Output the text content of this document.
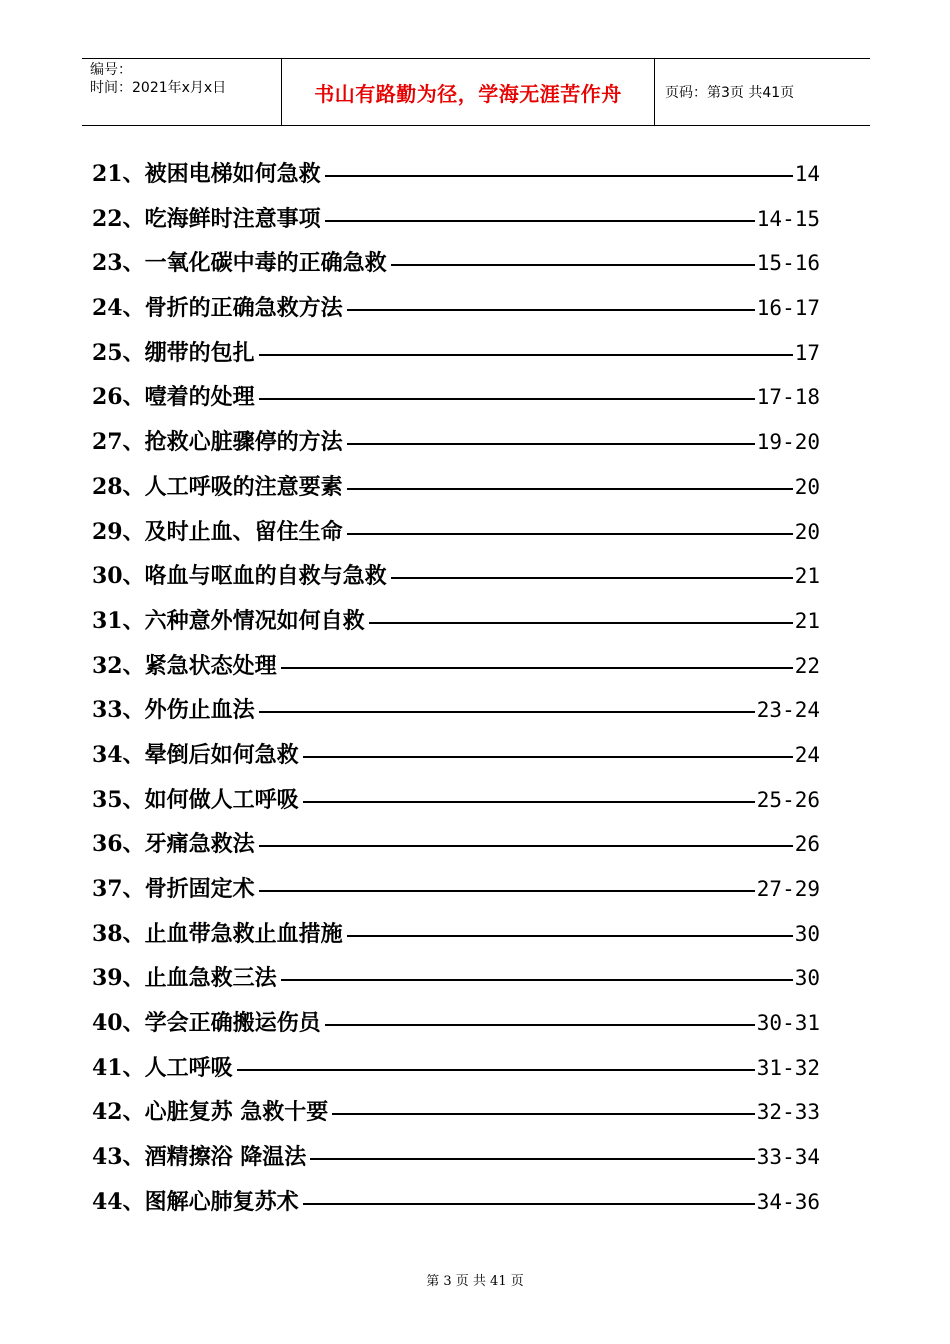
编号：
时间：2021年x月x日	书山有路勤为径，学海无涯苦作舟	页码：第3页 共41页
21、被困电梯如何急救	14
22、吃海鲜时注意事项	14-15
23、一氧化碳中毒的正确急救	15-16
24、骨折的正确急救方法	16-17
25、绷带的包扎	17
26、噎着的处理	17-18
27、抢救心脏骤停的方法	19-20
28、人工呼吸的注意要素	20
29、及时止血、留住生命	20
30、咯血与呕血的自救与急救	21
31、六种意外情况如何自救	21
32、紧急状态处理	22
33、外伤止血法	23-24
34、晕倒后如何急救	24
35、如何做人工呼吸	25-26
36、牙痛急救法	26
37、骨折固定术	27-29
38、止血带急救止血措施	30
39、止血急救三法	30
40、学会正确搬运伤员	30-31
41、人工呼吸	31-32
42、心脏复苏 急救十要	32-33
43、酒精擦浴 降温法	33-34
44、图解心肺复苏术	34-36
第 3 页 共 41 页
